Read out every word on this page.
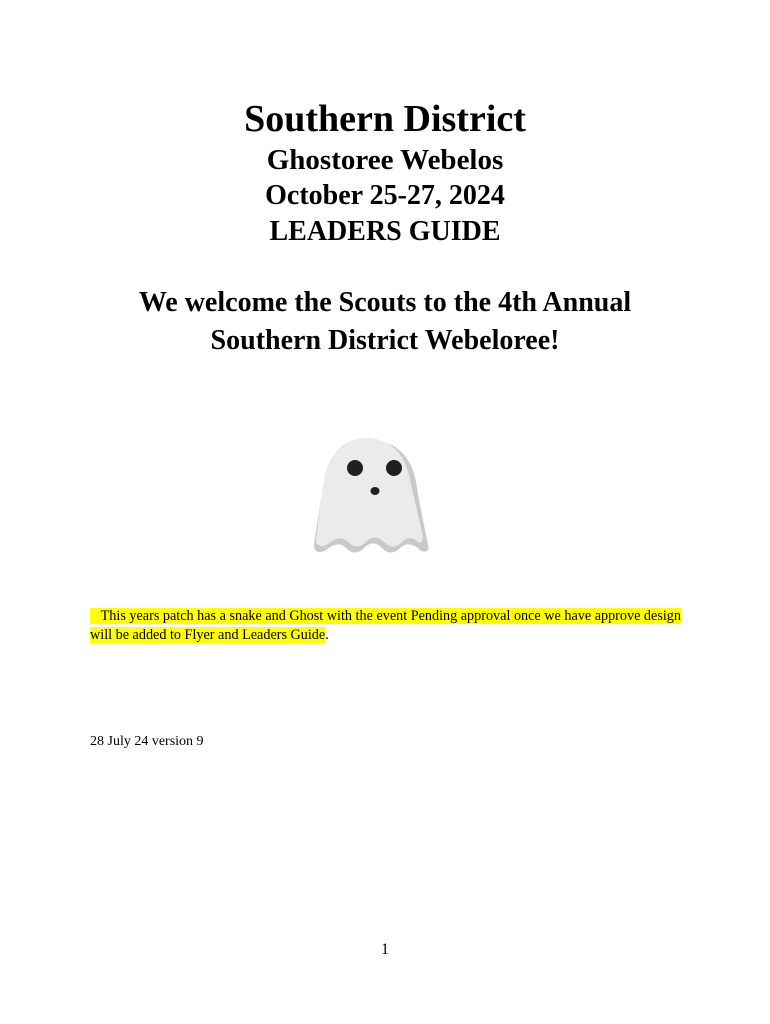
Southern District
Ghostoree Webelos
October 25-27, 2024
LEADERS GUIDE
We welcome the Scouts to the 4th Annual
Southern District Webeloree!

This years patch has a snake and Ghost with the event Pending approval once we have approve design will be added to Flyer and Leaders Guide.

28 July 24 version 9

1
